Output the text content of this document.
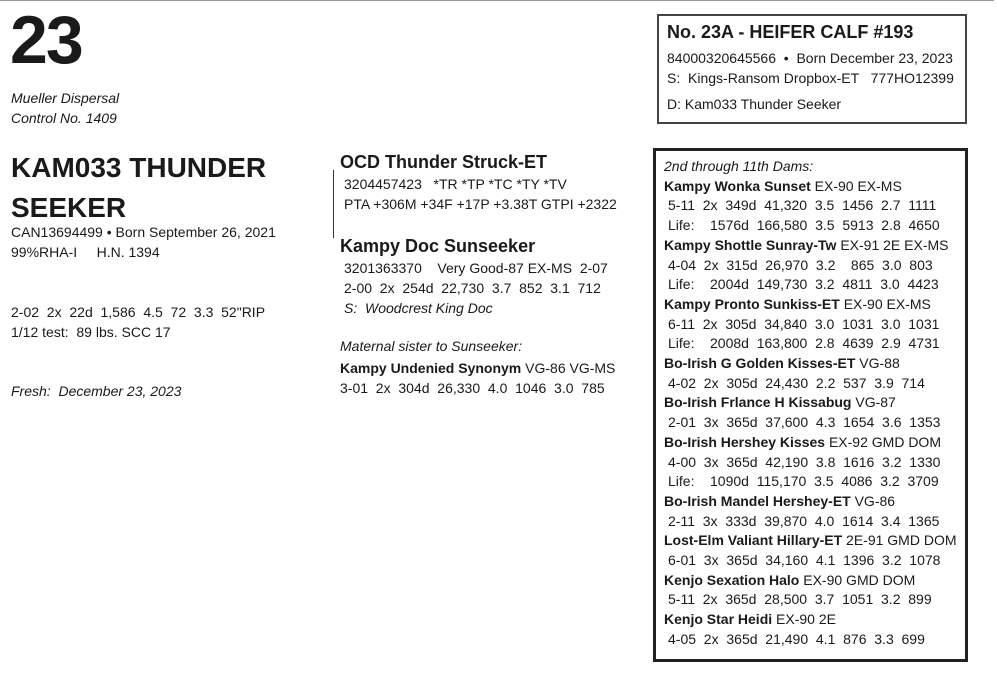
23
Mueller Dispersal
Control No. 1409
KAM033 THUNDER
SEEKER
CAN13694499 • Born September 26, 2021
99%RHA-I     H.N. 1394
2-02  2x  22d  1,586  4.5  72  3.3  52"RIP
1/12 test:  89 lbs. SCC 17
Fresh:  December 23, 2023
OCD Thunder Struck-ET
3204457423   *TR *TP *TC *TY *TV
PTA +306M +34F +17P +3.38T GTPI +2322
Kampy Doc Sunseeker
3201363370    Very Good-87 EX-MS  2-07
2-00  2x  254d  22,730  3.7  852  3.1  712
S:  Woodcrest King Doc
Maternal sister to Sunseeker:
Kampy Undenied Synonym VG-86 VG-MS
3-01  2x  304d  26,330  4.0  1046  3.0  785
No. 23A - HEIFER CALF #193
84000320645566  •  Born December 23, 2023
S:  Kings-Ransom Dropbox-ET   777HO12399
D: Kam033 Thunder Seeker
2nd through 11th Dams:
Kampy Wonka Sunset EX-90 EX-MS
5-11  2x  349d  41,320  3.5  1456  2.7  1111
Life:    1576d  166,580  3.5  5913  2.8  4650
Kampy Shottle Sunray-Tw EX-91 2E EX-MS
4-04  2x  315d  26,970  3.2    865  3.0  803
Life:    2004d  149,730  3.2  4811  3.0  4423
Kampy Pronto Sunkiss-ET EX-90 EX-MS
6-11  2x  305d  34,840  3.0  1031  3.0  1031
Life:    2008d  163,800  2.8  4639  2.9  4731
Bo-Irish G Golden Kisses-ET VG-88
4-02  2x  305d  24,430  2.2  537  3.9  714
Bo-Irish Frlance H Kissabug VG-87
2-01  3x  365d  37,600  4.3  1654  3.6  1353
Bo-Irish Hershey Kisses EX-92 GMD DOM
4-00  3x  365d  42,190  3.8  1616  3.2  1330
Life:    1090d  115,170  3.5  4086  3.2  3709
Bo-Irish Mandel Hershey-ET VG-86
2-11  3x  333d  39,870  4.0  1614  3.4  1365
Lost-Elm Valiant Hillary-ET 2E-91 GMD DOM
6-01  3x  365d  34,160  4.1  1396  3.2  1078
Kenjo Sexation Halo EX-90 GMD DOM
5-11  2x  365d  28,500  3.7  1051  3.2  899
Kenjo Star Heidi EX-90 2E
4-05  2x  365d  21,490  4.1  876  3.3  699
